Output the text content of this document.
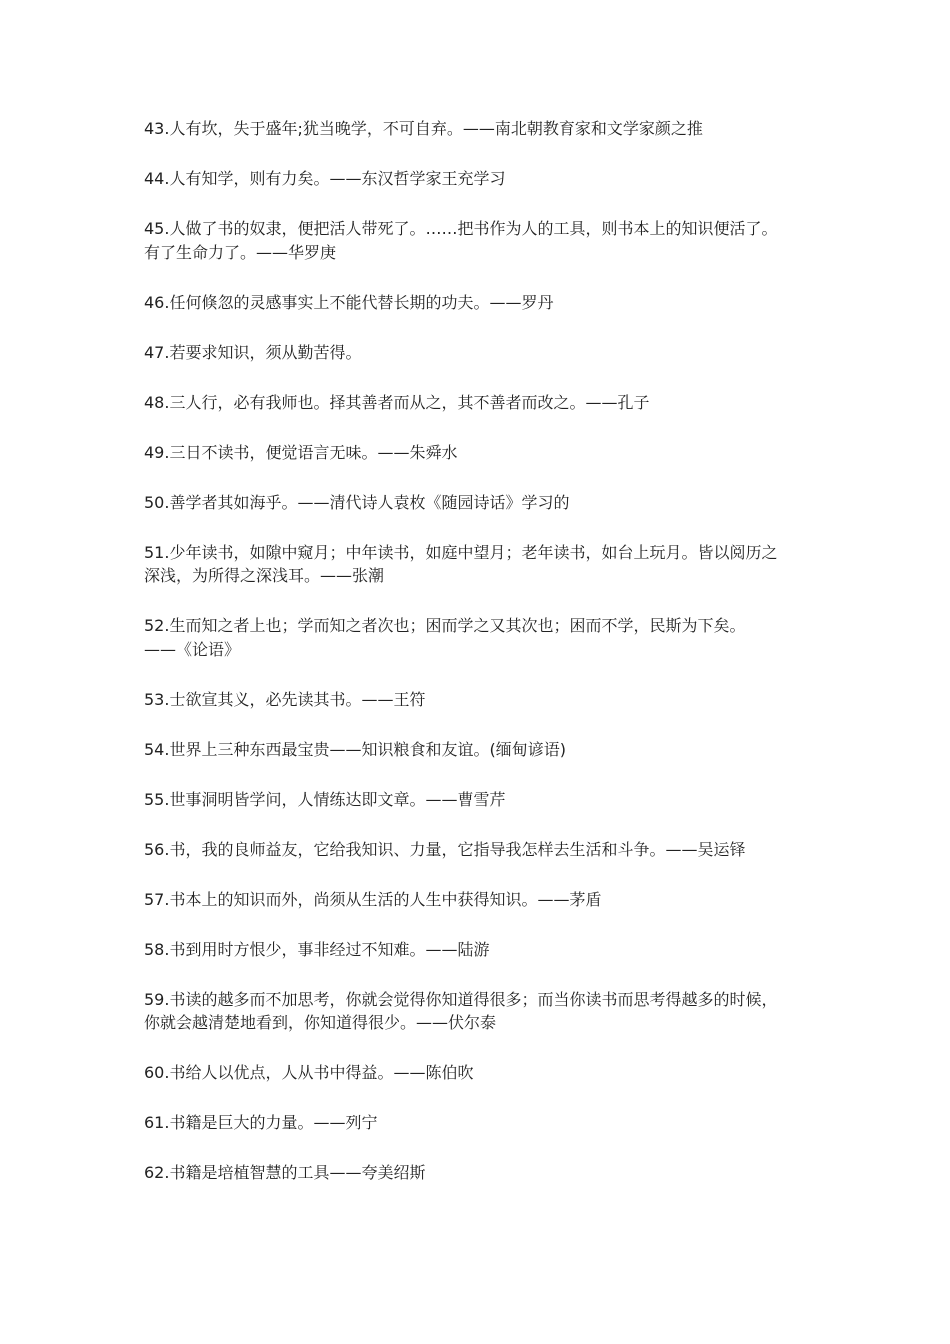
43.人有坎，失于盛年;犹当晚学，不可自弃。——南北朝教育家和文学家颜之推

44.人有知学，则有力矣。——东汉哲学家王充学习

45.人做了书的奴隶，便把活人带死了。……把书作为人的工具，则书本上的知识便活了。
有了生命力了。——华罗庚

46.任何倏忽的灵感事实上不能代替长期的功夫。——罗丹

47.若要求知识，须从勤苦得。

48.三人行，必有我师也。择其善者而从之，其不善者而改之。——孔子

49.三日不读书，便觉语言无味。——朱舜水

50.善学者其如海乎。——清代诗人袁枚《随园诗话》学习的

51.少年读书，如隙中窥月；中年读书，如庭中望月；老年读书，如台上玩月。皆以阅历之
深浅，为所得之深浅耳。——张潮

52.生而知之者上也；学而知之者次也；困而学之又其次也；困而不学，民斯为下矣。
——《论语》

53.士欲宣其义，必先读其书。——王符

54.世界上三种东西最宝贵——知识粮食和友谊。(缅甸谚语)

55.世事洞明皆学问，人情练达即文章。——曹雪芹

56.书，我的良师益友，它给我知识、力量，它指导我怎样去生活和斗争。——吴运铎

57.书本上的知识而外，尚须从生活的人生中获得知识。——茅盾

58.书到用时方恨少，事非经过不知难。——陆游

59.书读的越多而不加思考，你就会觉得你知道得很多；而当你读书而思考得越多的时候，
你就会越清楚地看到，你知道得很少。——伏尔泰

60.书给人以优点，人从书中得益。——陈伯吹

61.书籍是巨大的力量。——列宁

62.书籍是培植智慧的工具——夸美绍斯
